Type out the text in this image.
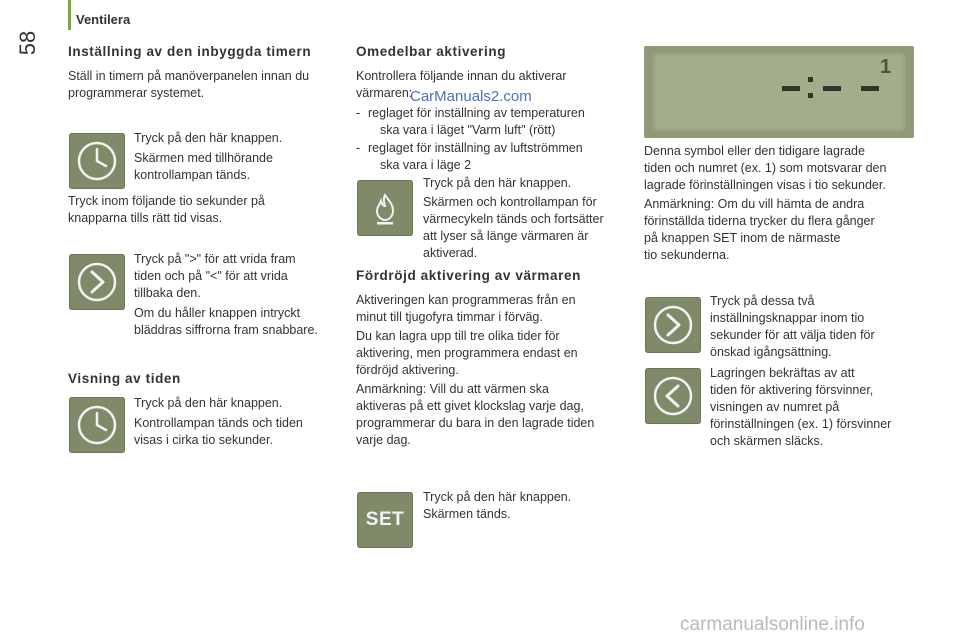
Ventilera
58 Inställning av den inbyggda timern
Ställ in timern på manöverpanelen innan du
programmerar systemet.
Tryck på den här knappen.
Skärmen med tillhörande
kontrollampan tänds.
Tryck inom följande tio sekunder på
knapparna tills rätt tid visas.
Tryck på ">" för att vrida fram
tiden och på "<" för att vrida
tillbaka den.
Om du håller knappen intryckt
bläddras siffrorna fram snabbare.
Visning av tiden
Tryck på den här knappen.
Kontrollampan tänds och tiden
visas i cirka tio sekunder.
Omedelbar aktivering
Kontrollera följande innan du aktiverar
värmaren:
- reglaget för inställning av temperaturen
ska vara i läget "Varm luft" (rött)
- reglaget för inställning av luftströmmen
ska vara i läge 2
Tryck på den här knappen.
Skärmen och kontrollampan för
värmecykeln tänds och fortsätter
att lyser så länge värmaren är
aktiverad.
Fördröjd aktivering av värmaren
Aktiveringen kan programmeras från en
minut till tjugofyra timmar i förväg.
Du kan lagra upp till tre olika tider för
aktivering, men programmera endast en
fördröjd aktivering.
Anmärkning: Vill du att värmen ska
aktiveras på ett givet klockslag varje dag,
programmerar du bara in den lagrade tiden
varje dag.
SET
Tryck på den här knappen.
Skärmen tänds.
1
Denna symbol eller den tidigare lagrade
tiden och numret (ex. 1) som motsvarar den
lagrade förinställningen visas i tio sekunder.
Anmärkning: Om du vill hämta de andra
förinställda tiderna trycker du flera gånger
på knappen SET inom de närmaste
tio sekunderna.
Tryck på dessa två
inställningsknappar inom tio
sekunder för att välja tiden för
önskad igångsättning.
Lagringen bekräftas av att
tiden för aktivering försvinner,
visningen av numret på
förinställningen (ex. 1) försvinner
och skärmen släcks.
CarManuals2.com
carmanualsonline.info
